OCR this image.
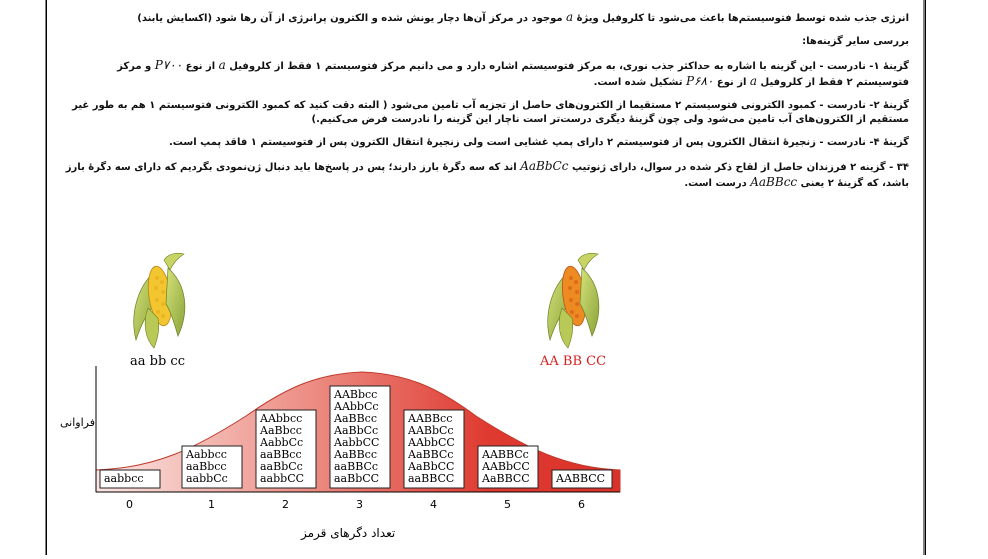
انرژی جذب شده توسط فتوسیستم‌ها باعث می‌شود تا کلروفیل ویژهٔ a موجود در مرکز آن‌ها دچار یونش شده و الکترون پرانرژی از آن رها شود (اکسایش یابند)

بررسی سایر گزینه‌ها:

گزینهٔ ۱- نادرست - این گزینه با اشاره به حداکثر جذب نوری، به مرکز فتوسیستم اشاره دارد و می دانیم مرکز فتوسیستم ۱ فقط از کلروفیل a از نوع P۷۰۰ و مرکز فتوسیستم ۲ فقط از کلروفیل a از نوع P۶۸۰ تشکیل شده است.

گزینهٔ ۲- نادرست - کمبود الکترونی فتوسیستم ۲ مستقیما از الکترون‌های حاصل از تجزیه آب تامین می‌شود ( البته دقت کنید که کمبود الکترونی فتوسیستم ۱ هم به طور غیر مستقیم از الکترون‌های آب تامین می‌شود ولی چون گزینهٔ دیگری درست‌تر است ناچار این گزینه را نادرست فرض می‌کنیم.)

گزینهٔ ۴- نادرست - زنجیرهٔ انتقال الکترون پس از فتوسیستم ۲ دارای پمپ غشایی است ولی زنجیرهٔ انتقال الکترون پس از فتوسیستم ۱ فاقد پمپ است.

۳۴ - گزینه ۲ فرزندان حاصل از لقاح ذکر شده در سوال، دارای ژنوتیپ AaBbCc اند که سه دگرهٔ بارز دارند؛ پس در پاسخ‌ها باید دنبال ژن‌نمودی بگردیم که دارای سه دگرهٔ بارز باشد، که گزینهٔ ۲ یعنی AaBBcc درست است.

aa bb cc	AA BB CC
فراوانی
تعداد دگرهای قرمز
aabbcc
0
Aabbcc
aaBbcc
aabbCc
1
AAbbcc
AaBbcc
AabbCc
aaBBcc
aaBbCc
aabbCC
2
AABbcc
AAbbCc
AaBBcc
AaBbCc
AabbCC
AaBBcc
aaBBCc
aaBbCC
3
AABBcc
AABbCc
AAbbCC
AaBBCc
AaBbCC
aaBBCC
4
AABBCc
AABbCC
AaBBCC
5
AABBCC
6
